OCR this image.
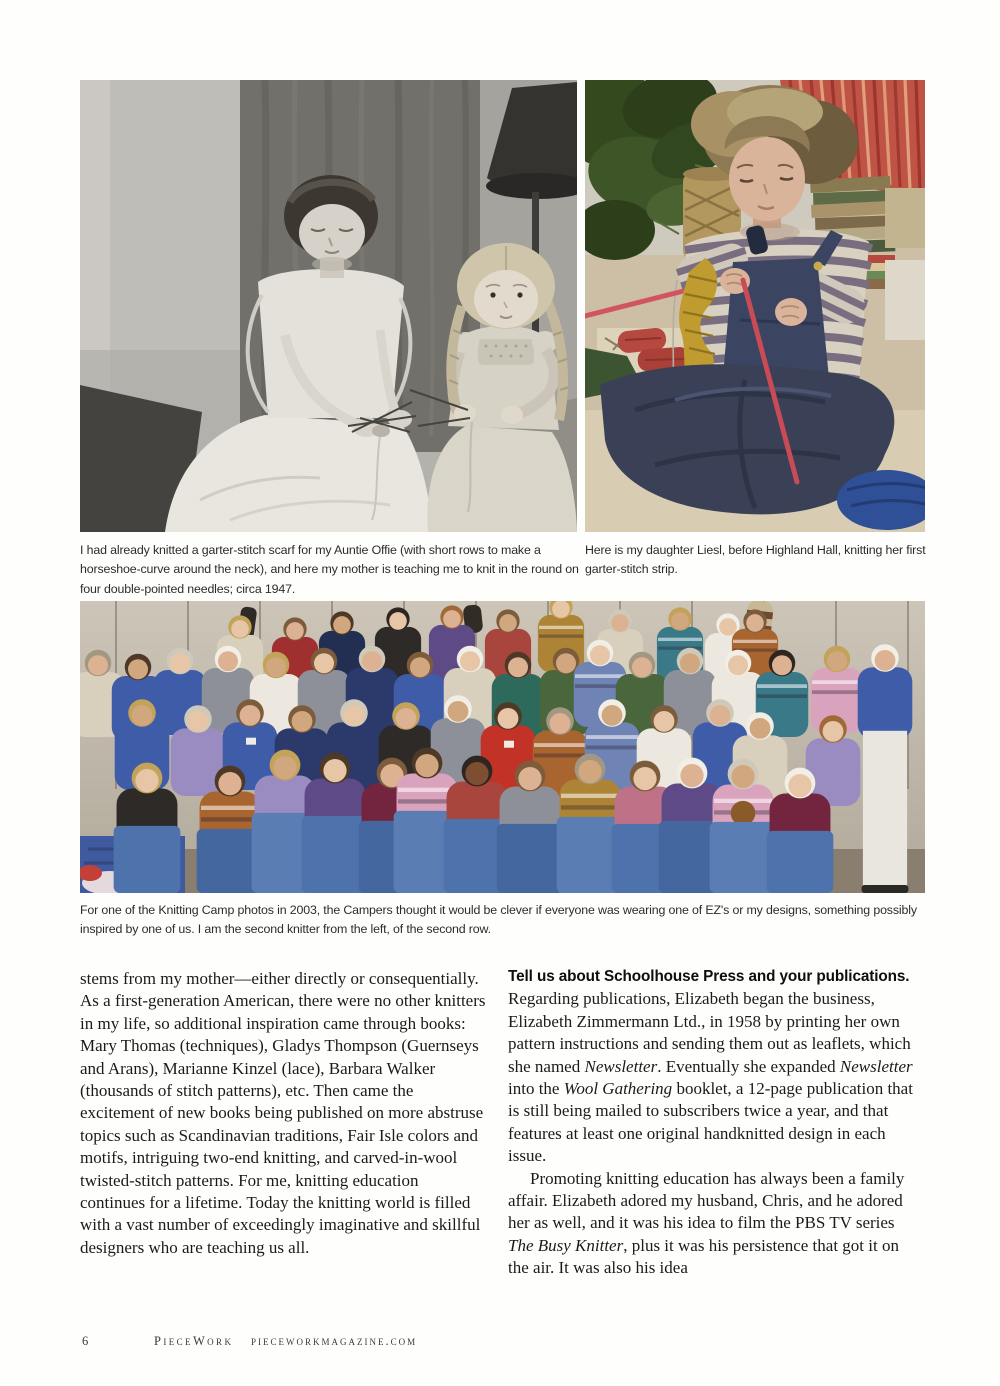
I had already knitted a garter-stitch scarf for my Auntie Offie (with short rows to make a horseshoe-curve around the neck), and here my mother is teaching me to knit in the round on four double-pointed needles; circa 1947.
Here is my daughter Liesl, before Highland Hall, knitting her first garter-stitch strip.
For one of the Knitting Camp photos in 2003, the Campers thought it would be clever if everyone was wearing one of EZ's or my designs, something possibly inspired by one of us. I am the second knitter from the left, of the second row.

stems from my mother—either directly or consequentially. As a first-generation American, there were no other knitters in my life, so additional inspiration came through books: Mary Thomas (techniques), Gladys Thompson (Guernseys and Arans), Marianne Kinzel (lace), Barbara Walker (thousands of stitch patterns), etc. Then came the excitement of new books being published on more abstruse topics such as Scandinavian traditions, Fair Isle colors and motifs, intriguing two-end knitting, and carved-in-wool twisted-stitch patterns. For me, knitting education continues for a lifetime. Today the knitting world is filled with a vast number of exceedingly imaginative and skillful designers who are teaching us all.

Tell us about Schoolhouse Press and your publications.

Regarding publications, Elizabeth began the business, Elizabeth Zimmermann Ltd., in 1958 by printing her own pattern instructions and sending them out as leaflets, which she named Newsletter. Eventually she expanded Newsletter into the Wool Gathering booklet, a 12-page publication that is still being mailed to subscribers twice a year, and that features at least one original handknitted design in each issue.

Promoting knitting education has always been a family affair. Elizabeth adored my husband, Chris, and he adored her as well, and it was his idea to film the PBS TV series The Busy Knitter, plus it was his persistence that got it on the air. It was also his idea

6	PieceWork pieceworkmagazine.com
